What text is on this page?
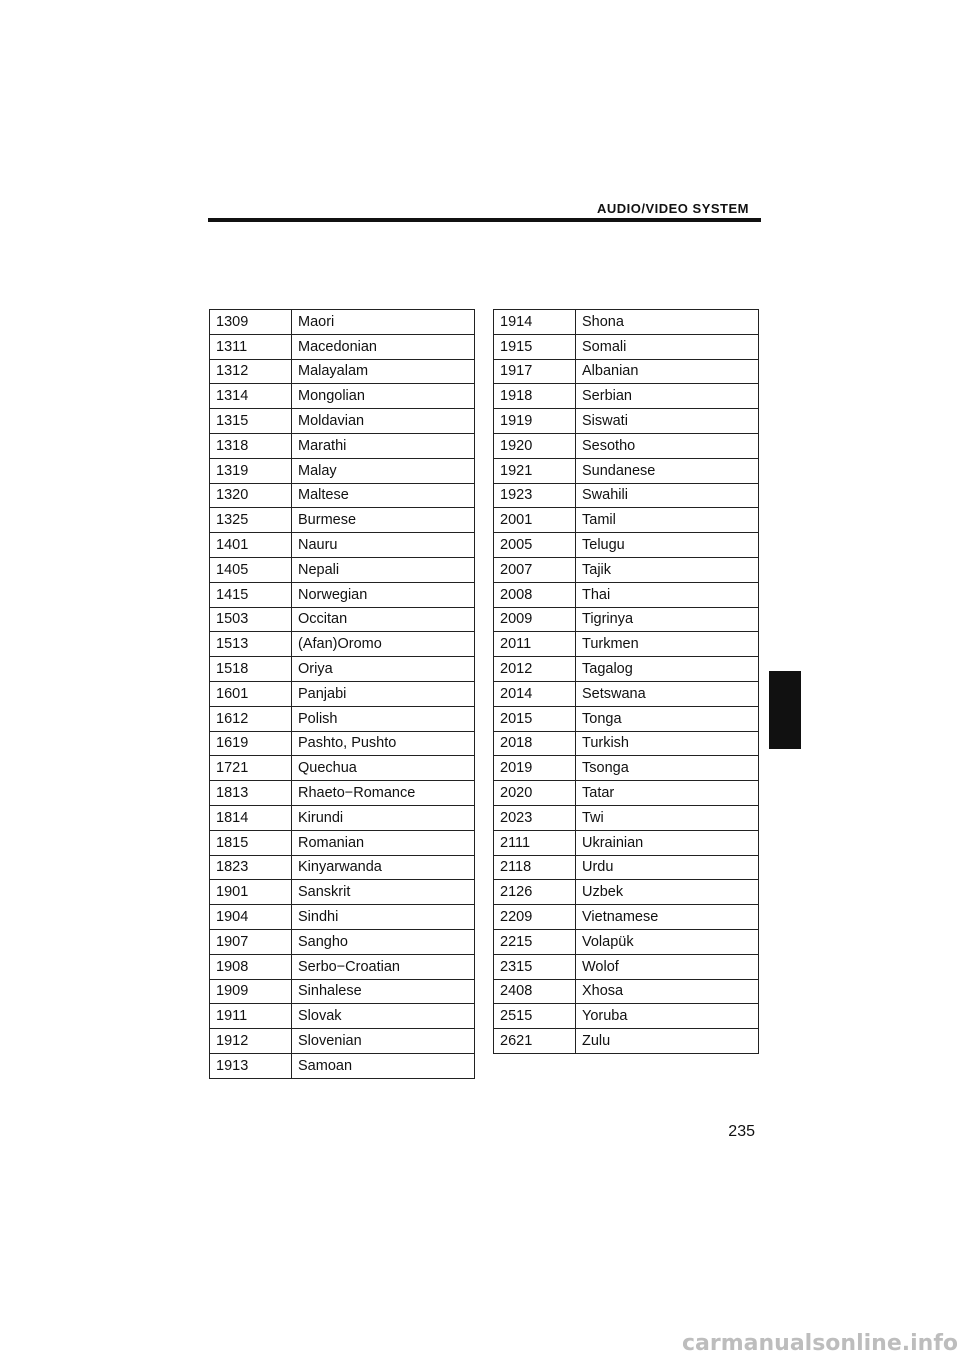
AUDIO/VIDEO SYSTEM
1309	Maori
1311	Macedonian
1312	Malayalam
1314	Mongolian
1315	Moldavian
1318	Marathi
1319	Malay
1320	Maltese
1325	Burmese
1401	Nauru
1405	Nepali
1415	Norwegian
1503	Occitan
1513	(Afan)Oromo
1518	Oriya
1601	Panjabi
1612	Polish
1619	Pashto, Pushto
1721	Quechua
1813	Rhaeto−Romance
1814	Kirundi
1815	Romanian
1823	Kinyarwanda
1901	Sanskrit
1904	Sindhi
1907	Sangho
1908	Serbo−Croatian
1909	Sinhalese
1911	Slovak
1912	Slovenian
1913	Samoan
1914	Shona
1915	Somali
1917	Albanian
1918	Serbian
1919	Siswati
1920	Sesotho
1921	Sundanese
1923	Swahili
2001	Tamil
2005	Telugu
2007	Tajik
2008	Thai
2009	Tigrinya
2011	Turkmen
2012	Tagalog
2014	Setswana
2015	Tonga
2018	Turkish
2019	Tsonga
2020	Tatar
2023	Twi
2111	Ukrainian
2118	Urdu
2126	Uzbek
2209	Vietnamese
2215	Volapük
2315	Wolof
2408	Xhosa
2515	Yoruba
2621	Zulu
235
carmanualsonline.info
